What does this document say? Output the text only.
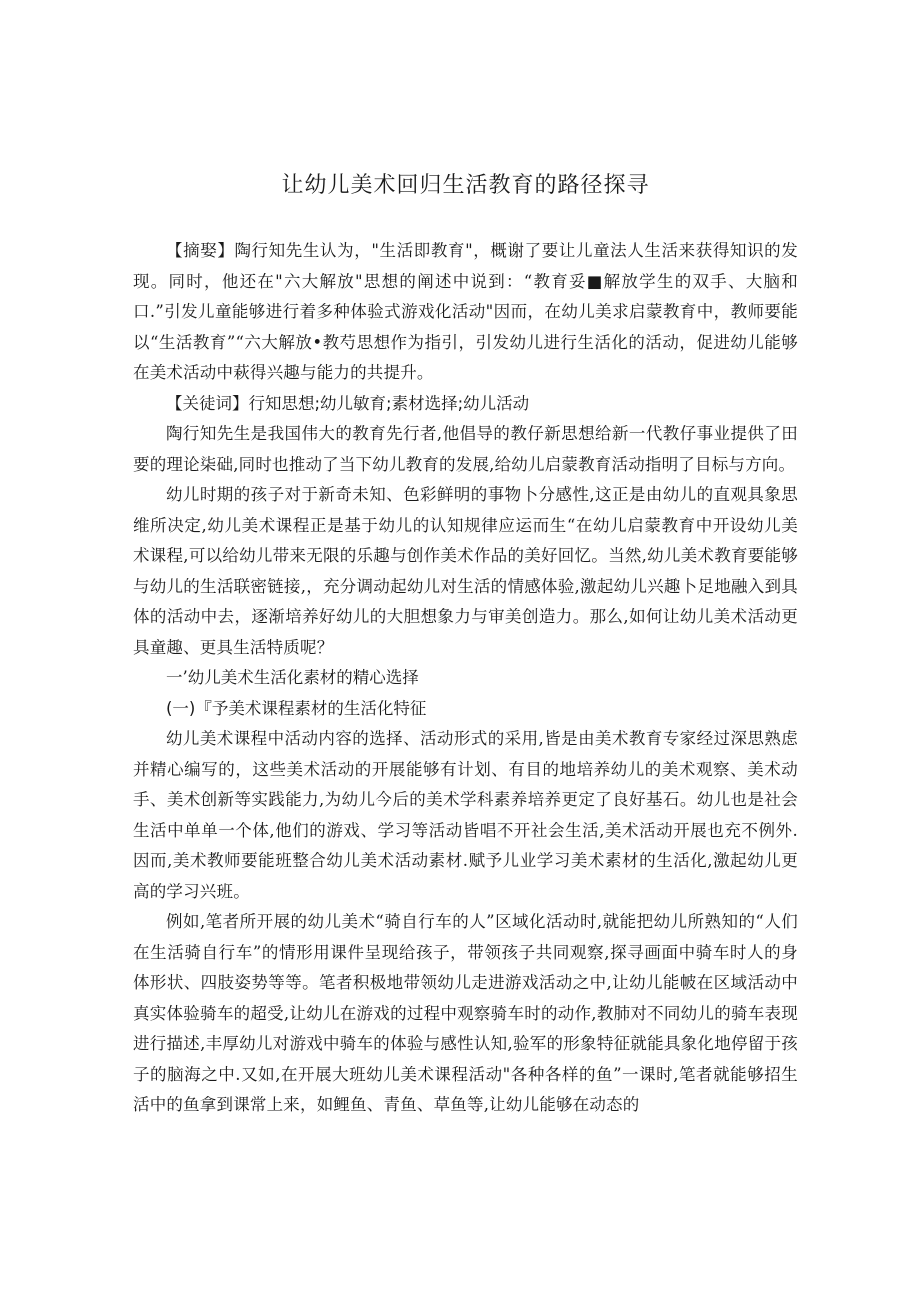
让幼儿美术回归生活教育的路径探寻

【摘娶】陶行知先生认为，"生活即教育"，概谢了要让儿童法人生活来获得知识的发现。同时，他还在"六大解放"思想的阐述中说到：“教育妥■解放学生的双手、大脑和口.”引发儿童能够进行着多种体验式游戏化活动"因而，在幼儿美求启蒙教育中，教师要能以“生活教育”“六大解放•教芍思想作为指引，引发幼儿进行生活化的活动，促进幼儿能够在美术活动中萩得兴趣与能力的共提升。

【关徒词】行知思想;幼儿敏育;素材选择;幼儿活动

陶行知先生是我国伟大的教育先行者,他倡导的教仔新思想给新一代教仔事业提供了田要的理论柒础,同时也推动了当下幼儿教育的发展,给幼儿启蒙教育活动指明了目标与方向。

幼儿时期的孩子对于新奇未知、色彩鲜明的事物卜分感性,这正是由幼儿的直观具象思维所决定,幼儿美术课程正是基于幼儿的认知规律应运而生“在幼儿启蒙教育中开设幼儿美术课程,可以给幼儿带来无限的乐趣与创作美术作品的美好回忆。当然,幼儿美术教育要能够与幼儿的生活联密链接,，充分调动起幼儿对生活的情感体验,激起幼儿兴趣卜足地融入到具体的活动中去，逐渐培养好幼儿的大胆想象力与审美创造力。那么,如何让幼儿美术活动更具童趣、更具生活特质呢？

一’幼儿美术生活化素材的精心选择

(一)『予美术课程素材的生活化特征

幼儿美术课程中活动内容的选择、活动形式的采用,皆是由美术教育专家经过深思熟虑并精心编写的，这些美术活动的开展能够有计划、有目的地培养幼儿的美术观察、美术动手、美术创新等实践能力,为幼儿今后的美术学科素养培养更定了良好基石。幼儿也是社会生活中单单一个体,他们的游戏、学习等活动皆唱不开社会生活,美术活动开展也充不例外.因而,美术教师要能班整合幼儿美术活动素材.赋予儿业学习美术素材的生活化,激起幼儿更高的学习兴班。

例如,笔者所开展的幼儿美术“骑自行车的人”区域化活动时,就能把幼儿所熟知的“人们在生活骑自行车”的情形用课件呈现给孩子，带领孩子共同观察,探寻画面中骑车时人的身体形状、四肢姿势等等。笔者积极地带领幼儿走进游戏活动之中,让幼儿能帔在区域活动中真实体验骑车的超受,让幼儿在游戏的过程中观察骑车时的动作,教肺对不同幼儿的骑车表现进行描述,丰厚幼儿对游戏中骑车的体验与感性认知,验军的形象特征就能具象化地停留于孩子的脑海之中.又如,在开展大班幼儿美术课程活动"各种各样的鱼”一课时,笔者就能够招生活中的鱼拿到课常上来，如鲤鱼、青鱼、草鱼等,让幼儿能够在动态的
